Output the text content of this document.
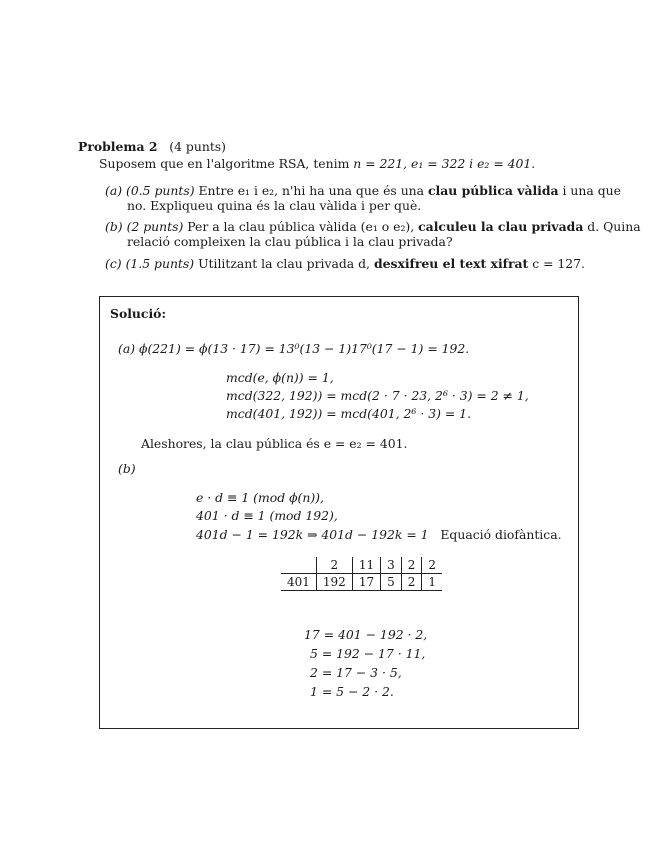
Problema 2 (4 punts)
Suposem que en l'algoritme RSA, tenim n = 221, e₁ = 322 i e₂ = 401.
(a) (0.5 punts) Entre e₁ i e₂, n'hi ha una que és una clau pública vàlida i una que
no. Expliqueu quina és la clau vàlida i per què.
(b) (2 punts) Per a la clau pública vàlida (e₁ o e₂), calculeu la clau privada d. Quina
relació compleixen la clau pública i la clau privada?
(c) (1.5 punts) Utilitzant la clau privada d, desxifreu el text xifrat c = 127.
Solució:
(a) ϕ(221) = ϕ(13 · 17) = 13⁰(13 − 1)17⁰(17 − 1) = 192.
mcd(e, ϕ(n)) = 1,
mcd(322, 192)) = mcd(2 · 7 · 23, 2⁶ · 3) = 2 ≠ 1,
mcd(401, 192)) = mcd(401, 2⁶ · 3) = 1.
Aleshores, la clau pública és e = e₂ = 401.
(b)
e · d ≡ 1 (mod ϕ(n)),
401 · d ≡ 1 (mod 192),
401d − 1 = 192k ⇒ 401d − 192k = 1 Equació diofàntica.
	2	11	3	2	2
401	192	17	5	2	1
17 = 401 − 192 · 2,
5 = 192 − 17 · 11,
2 = 17 − 3 · 5,
1 = 5 − 2 · 2.
